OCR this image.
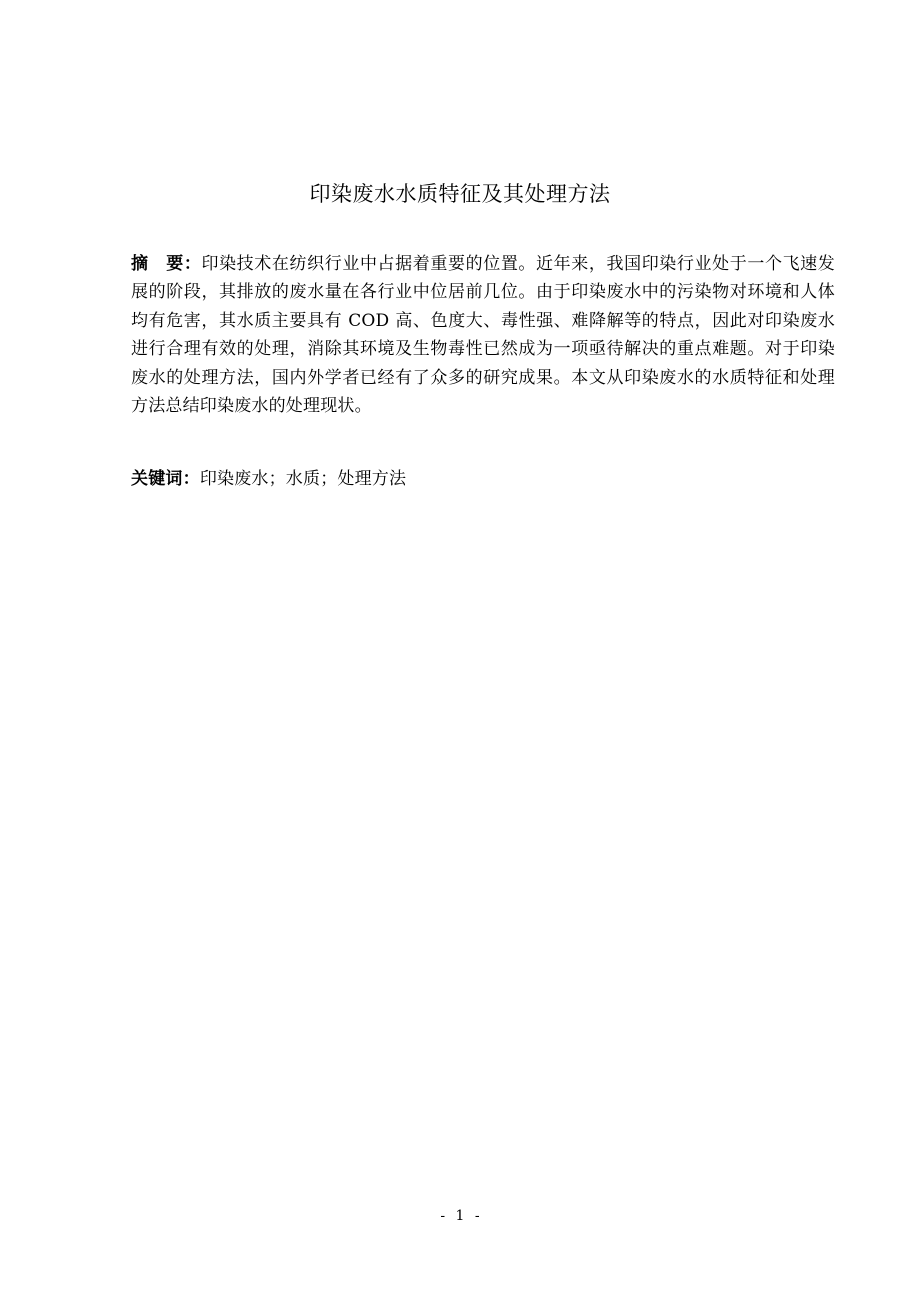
印染废水水质特征及其处理方法
摘　要：印染技术在纺织行业中占据着重要的位置。近年来，我国印染行业处于一个飞速发展的阶段，其排放的废水量在各行业中位居前几位。由于印染废水中的污染物对环境和人体均有危害，其水质主要具有 COD 高、色度大、毒性强、难降解等的特点，因此对印染废水进行合理有效的处理，消除其环境及生物毒性已然成为一项亟待解决的重点难题。对于印染废水的处理方法，国内外学者已经有了众多的研究成果。本文从印染废水的水质特征和处理方法总结印染废水的处理现状。
关键词：印染废水；水质；处理方法
- 1 -
